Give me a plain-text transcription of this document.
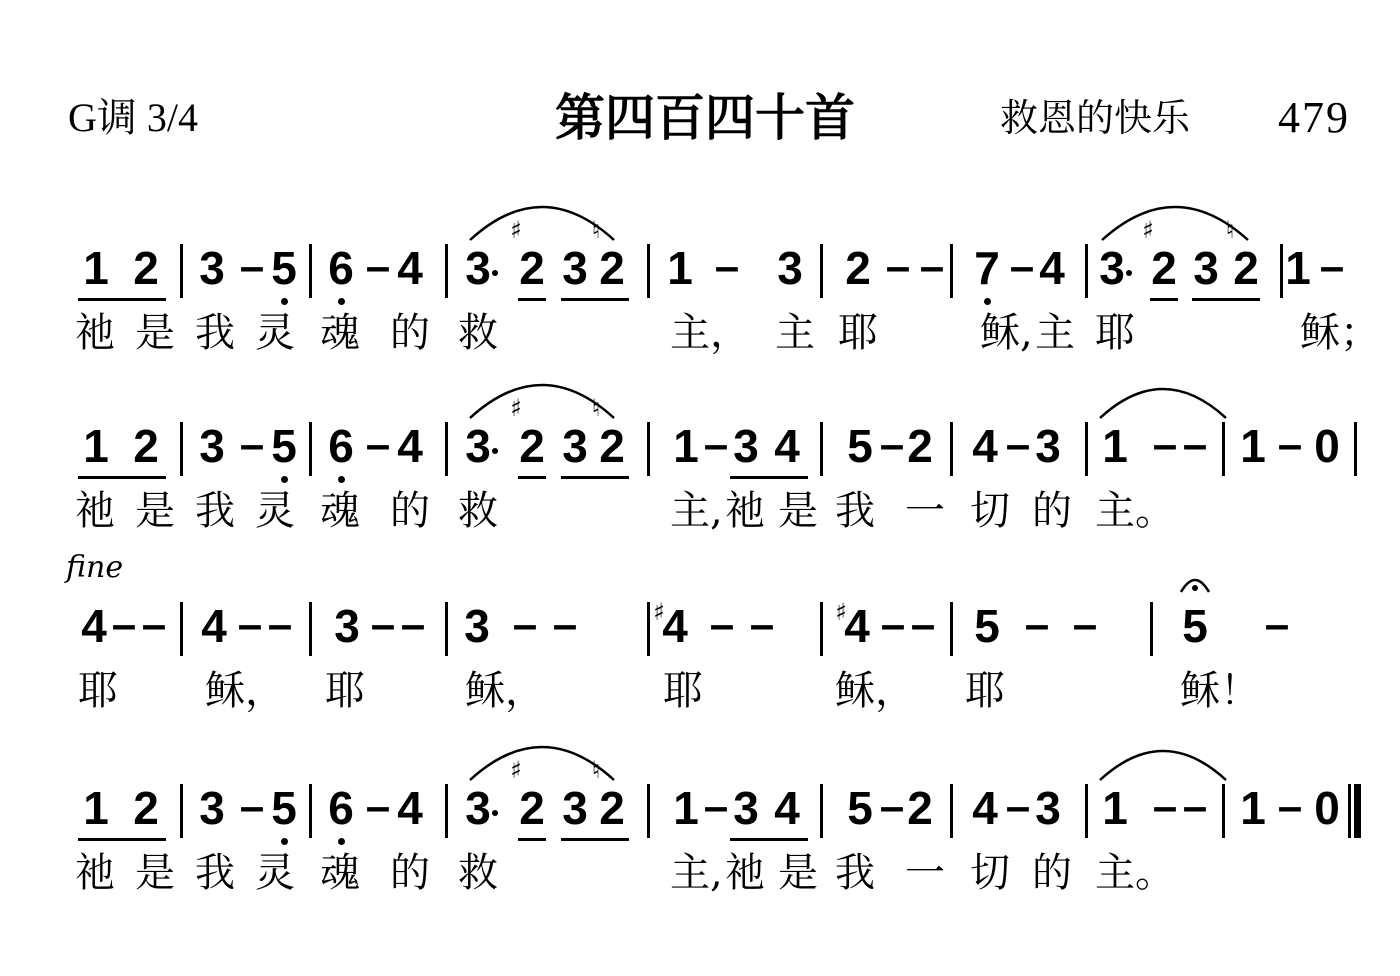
G调 3/4	第四百四十首	救恩的快乐 479
fine
1 2 3 – 5 6 – 4 3 2
♯
3 2
♮
1 – 3 2 – – 7 – 4 3 2
♯
3 2
♮
1 –
祂 是 我 灵 魂 的 救	主， 主 耶	稣, 主 耶	稣；
1 2 3 – 5 6 – 4 3 2
♯
3 2
♮
1 – 3 4 5 – 2 4 – 3 1 – – 1 – 0
祂 是 我 灵 魂 的 救	主, 祂 是 我 一 切 的 主。
4 – – 4 – – 3 – – 3 – – 4
♯ – – 4
♯ – – 5 – – 5 –
耶 稣， 耶	稣，	耶	稣， 耶	稣！
1 2 3 – 5 6 – 4 3 2
♯
3 2
♮
1 – 3 4 5 – 2 4 – 3 1 – – 1 – 0
祂 是 我 灵 魂 的 救	主, 祂 是 我 一 切 的 主。
